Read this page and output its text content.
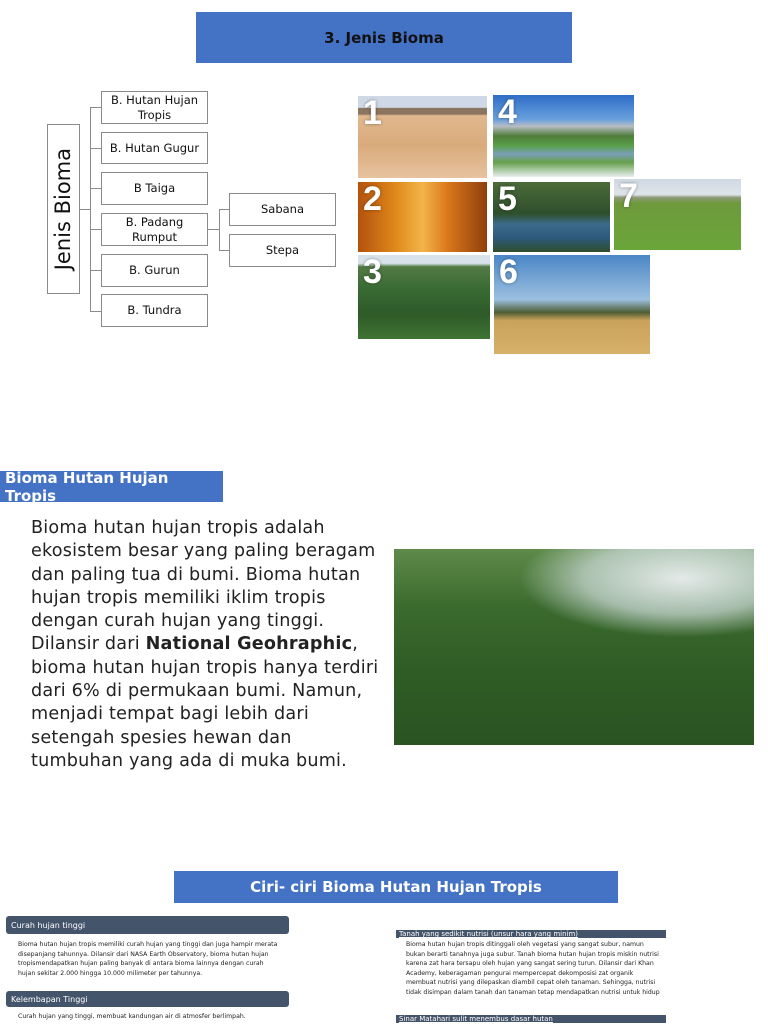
3. Jenis Bioma
Jenis Bioma
B. Hutan Hujan Tropis
B. Hutan Gugur
B Taiga
B. Padang Rumput
B. Gurun
B. Tundra
Sabana
Stepa
1	4
2	5	7
3	6
Bioma Hutan Hujan Tropis
Bioma hutan hujan tropis adalah ekosistem besar yang paling beragam dan paling tua di bumi. Bioma hutan hujan tropis memiliki iklim tropis dengan curah hujan yang tinggi.
Dilansir dari National Geohraphic, bioma hutan hujan tropis hanya terdiri dari 6% di permukaan bumi. Namun, menjadi tempat bagi lebih dari setengah spesies hewan dan tumbuhan yang ada di muka bumi.
Ciri- ciri Bioma Hutan Hujan Tropis
Curah hujan tinggi
Bioma hutan hujan tropis memiliki curah hujan yang tinggi dan juga hampir merata disepanjang tahunnya. Dilansir dari NASA Earth Observatory, bioma hutan hujan tropismendapatkan hujan paling banyak di antara bioma lainnya dengan curah hujan sekitar 2.000 hingga 10.000 milimeter per tahunnya.
Kelembapan Tinggi
Curah hujan yang tinggi, membuat kandungan air di atmosfer berlimpah.
Tanah yang sedikit nutrisi (unsur hara yang minim)
Bioma hutan hujan tropis ditinggali oleh vegetasi yang sangat subur, namun bukan berarti tanahnya juga subur. Tanah bioma hutan hujan tropis miskin nutrisi karena zat hara tersapu oleh hujan yang sangat sering turun. Dilansir dari Khan Academy, keberagaman pengurai mempercepat dekomposisi zat organik membuat nutrisi yang dilepaskan diambil cepat oleh tanaman. Sehingga, nutrisi tidak disimpan dalam tanah dan tanaman tetap mendapatkan nutrisi untuk hidup
Sinar Matahari sulit menembus dasar hutan
